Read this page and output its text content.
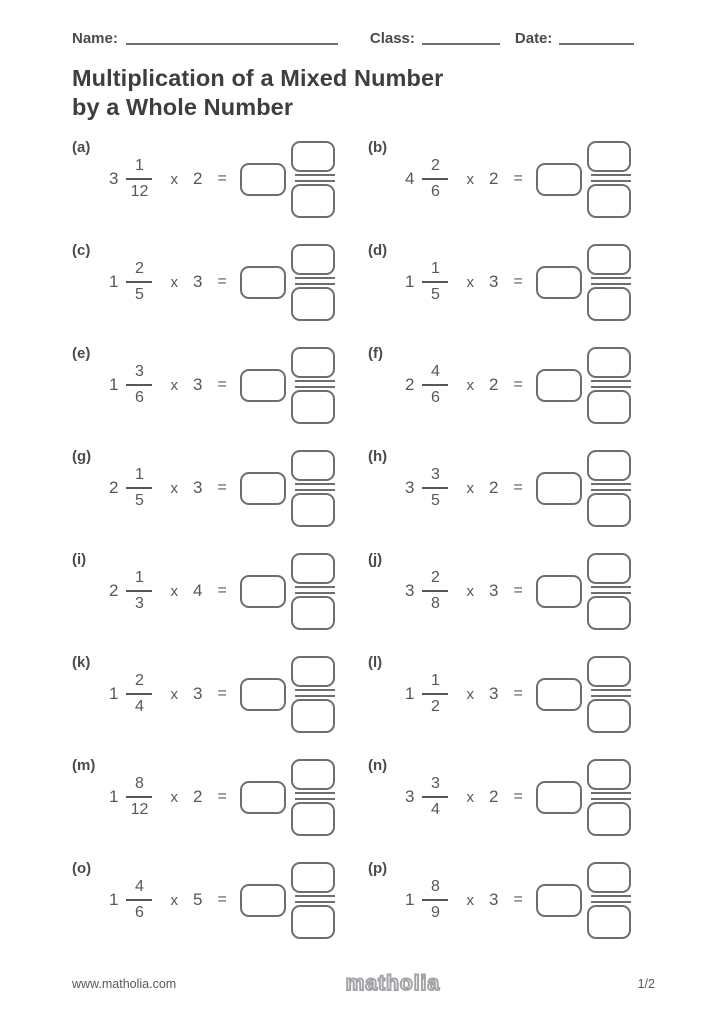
Name:	Class:	Date:
Multiplication of a Mixed Number
by a Whole Number
(a)
$3 \frac{1}{12}$ x 2 =
(b)
$4 \frac{2}{6}$ x 2 =
(c)
$1 \frac{2}{5}$ x 3 =
(d)
$1 \frac{1}{5}$ x 3 =
(e)
$1 \frac{3}{6}$ x 3 =
(f)
$2 \frac{4}{6}$ x 2 =
(g)
$2 \frac{1}{5}$ x 3 =
(h)
$3 \frac{3}{5}$ x 2 =
(i)
$2 \frac{1}{3}$ x 4 =
(j)
$3 \frac{2}{8}$ x 3 =
(k)
$1 \frac{2}{4}$ x 3 =
(l)
$1 \frac{1}{2}$ x 3 =
(m)
$1 \frac{8}{12}$ x 2 =
(n)
$3 \frac{3}{4}$ x 2 =
(o)
$1 \frac{4}{6}$ x 5 =
(p)
$1 \frac{8}{9}$ x 3 =
www.matholia.com	matholia	1/2
